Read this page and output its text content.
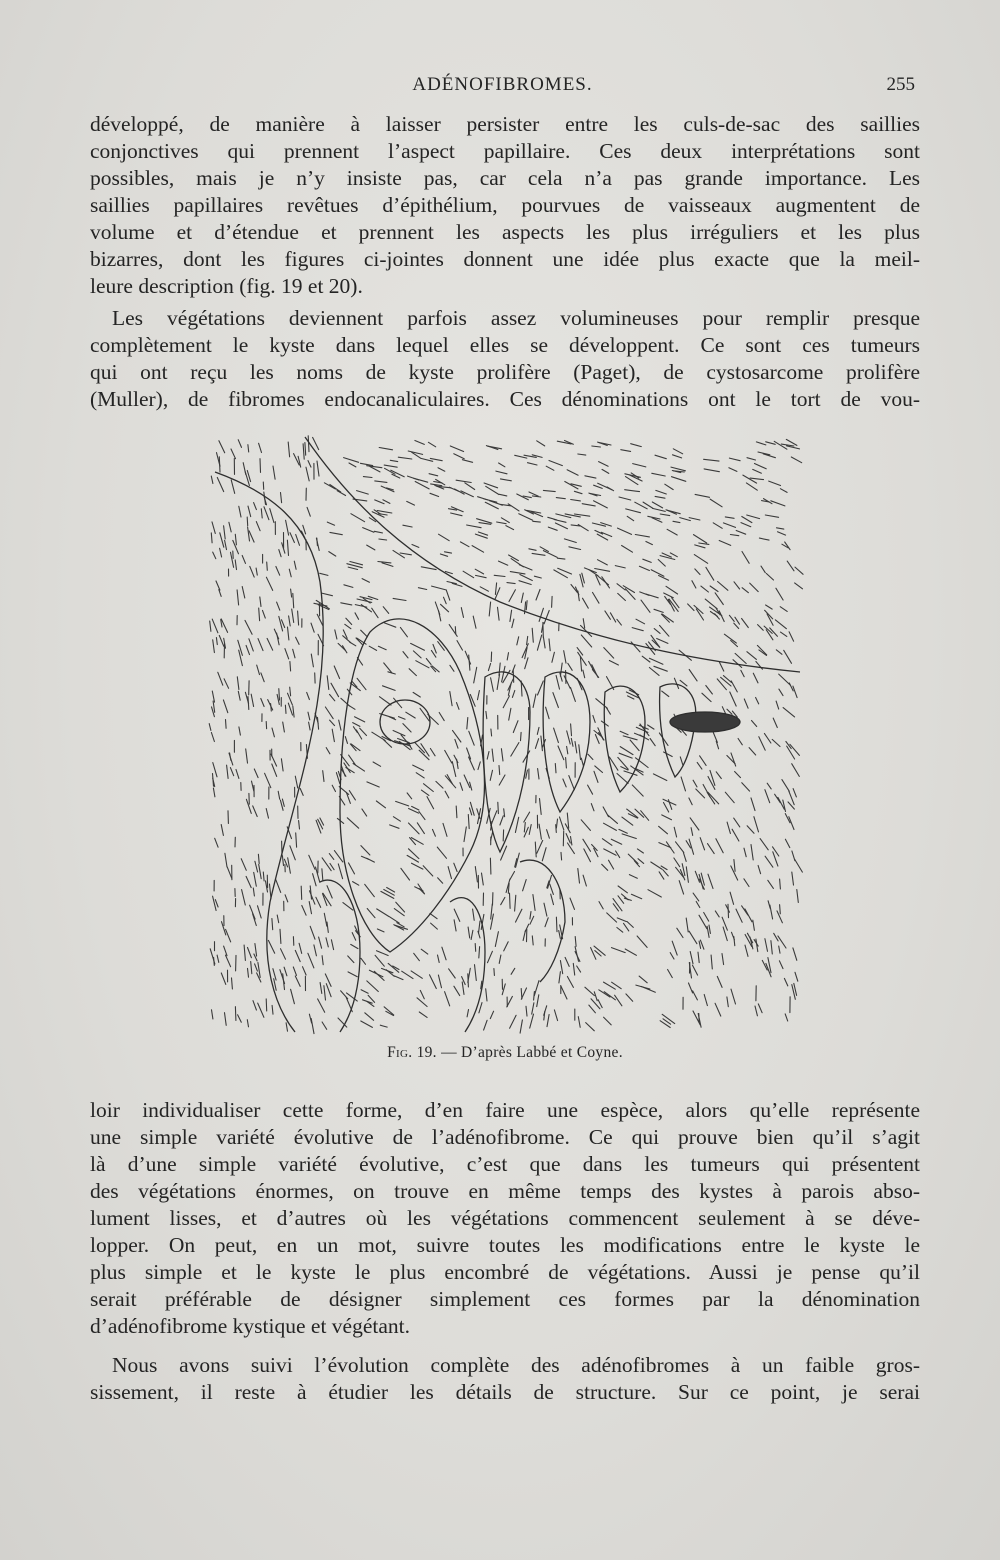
ADÉNOFIBROMES.	255

développé, de manière à laisser persister entre les culs-de-sac des saillies
conjonctives qui prennent l’aspect papillaire. Ces deux interprétations sont
possibles, mais je n’y insiste pas, car cela n’a pas grande importance. Les
saillies papillaires revêtues d’épithélium, pourvues de vaisseaux augmentent de
volume et d’étendue et prennent les aspects les plus irréguliers et les plus
bizarres, dont les figures ci-jointes donnent une idée plus exacte que la meil-
leure description (fig. 19 et 20).

Les végétations deviennent parfois assez volumineuses pour remplir presque
complètement le kyste dans lequel elles se développent. Ce sont ces tumeurs
qui ont reçu les noms de kyste prolifère (Paget), de cystosarcome prolifère
(Muller), de fibromes endocanaliculaires. Ces dénominations ont le tort de vou-

Fig. 19. — D’après Labbé et Coyne.

loir individualiser cette forme, d’en faire une espèce, alors qu’elle représente
une simple variété évolutive de l’adénofibrome. Ce qui prouve bien qu’il s’agit
là d’une simple variété évolutive, c’est que dans les tumeurs qui présentent
des végétations énormes, on trouve en même temps des kystes à parois abso-
lument lisses, et d’autres où les végétations commencent seulement à se déve-
lopper. On peut, en un mot, suivre toutes les modifications entre le kyste le
plus simple et le kyste le plus encombré de végétations. Aussi je pense qu’il
serait préférable de désigner simplement ces formes par la dénomination
d’adénofibrome kystique et végétant.

Nous avons suivi l’évolution complète des adénofibromes à un faible gros-
sissement, il reste à étudier les détails de structure. Sur ce point, je serai
